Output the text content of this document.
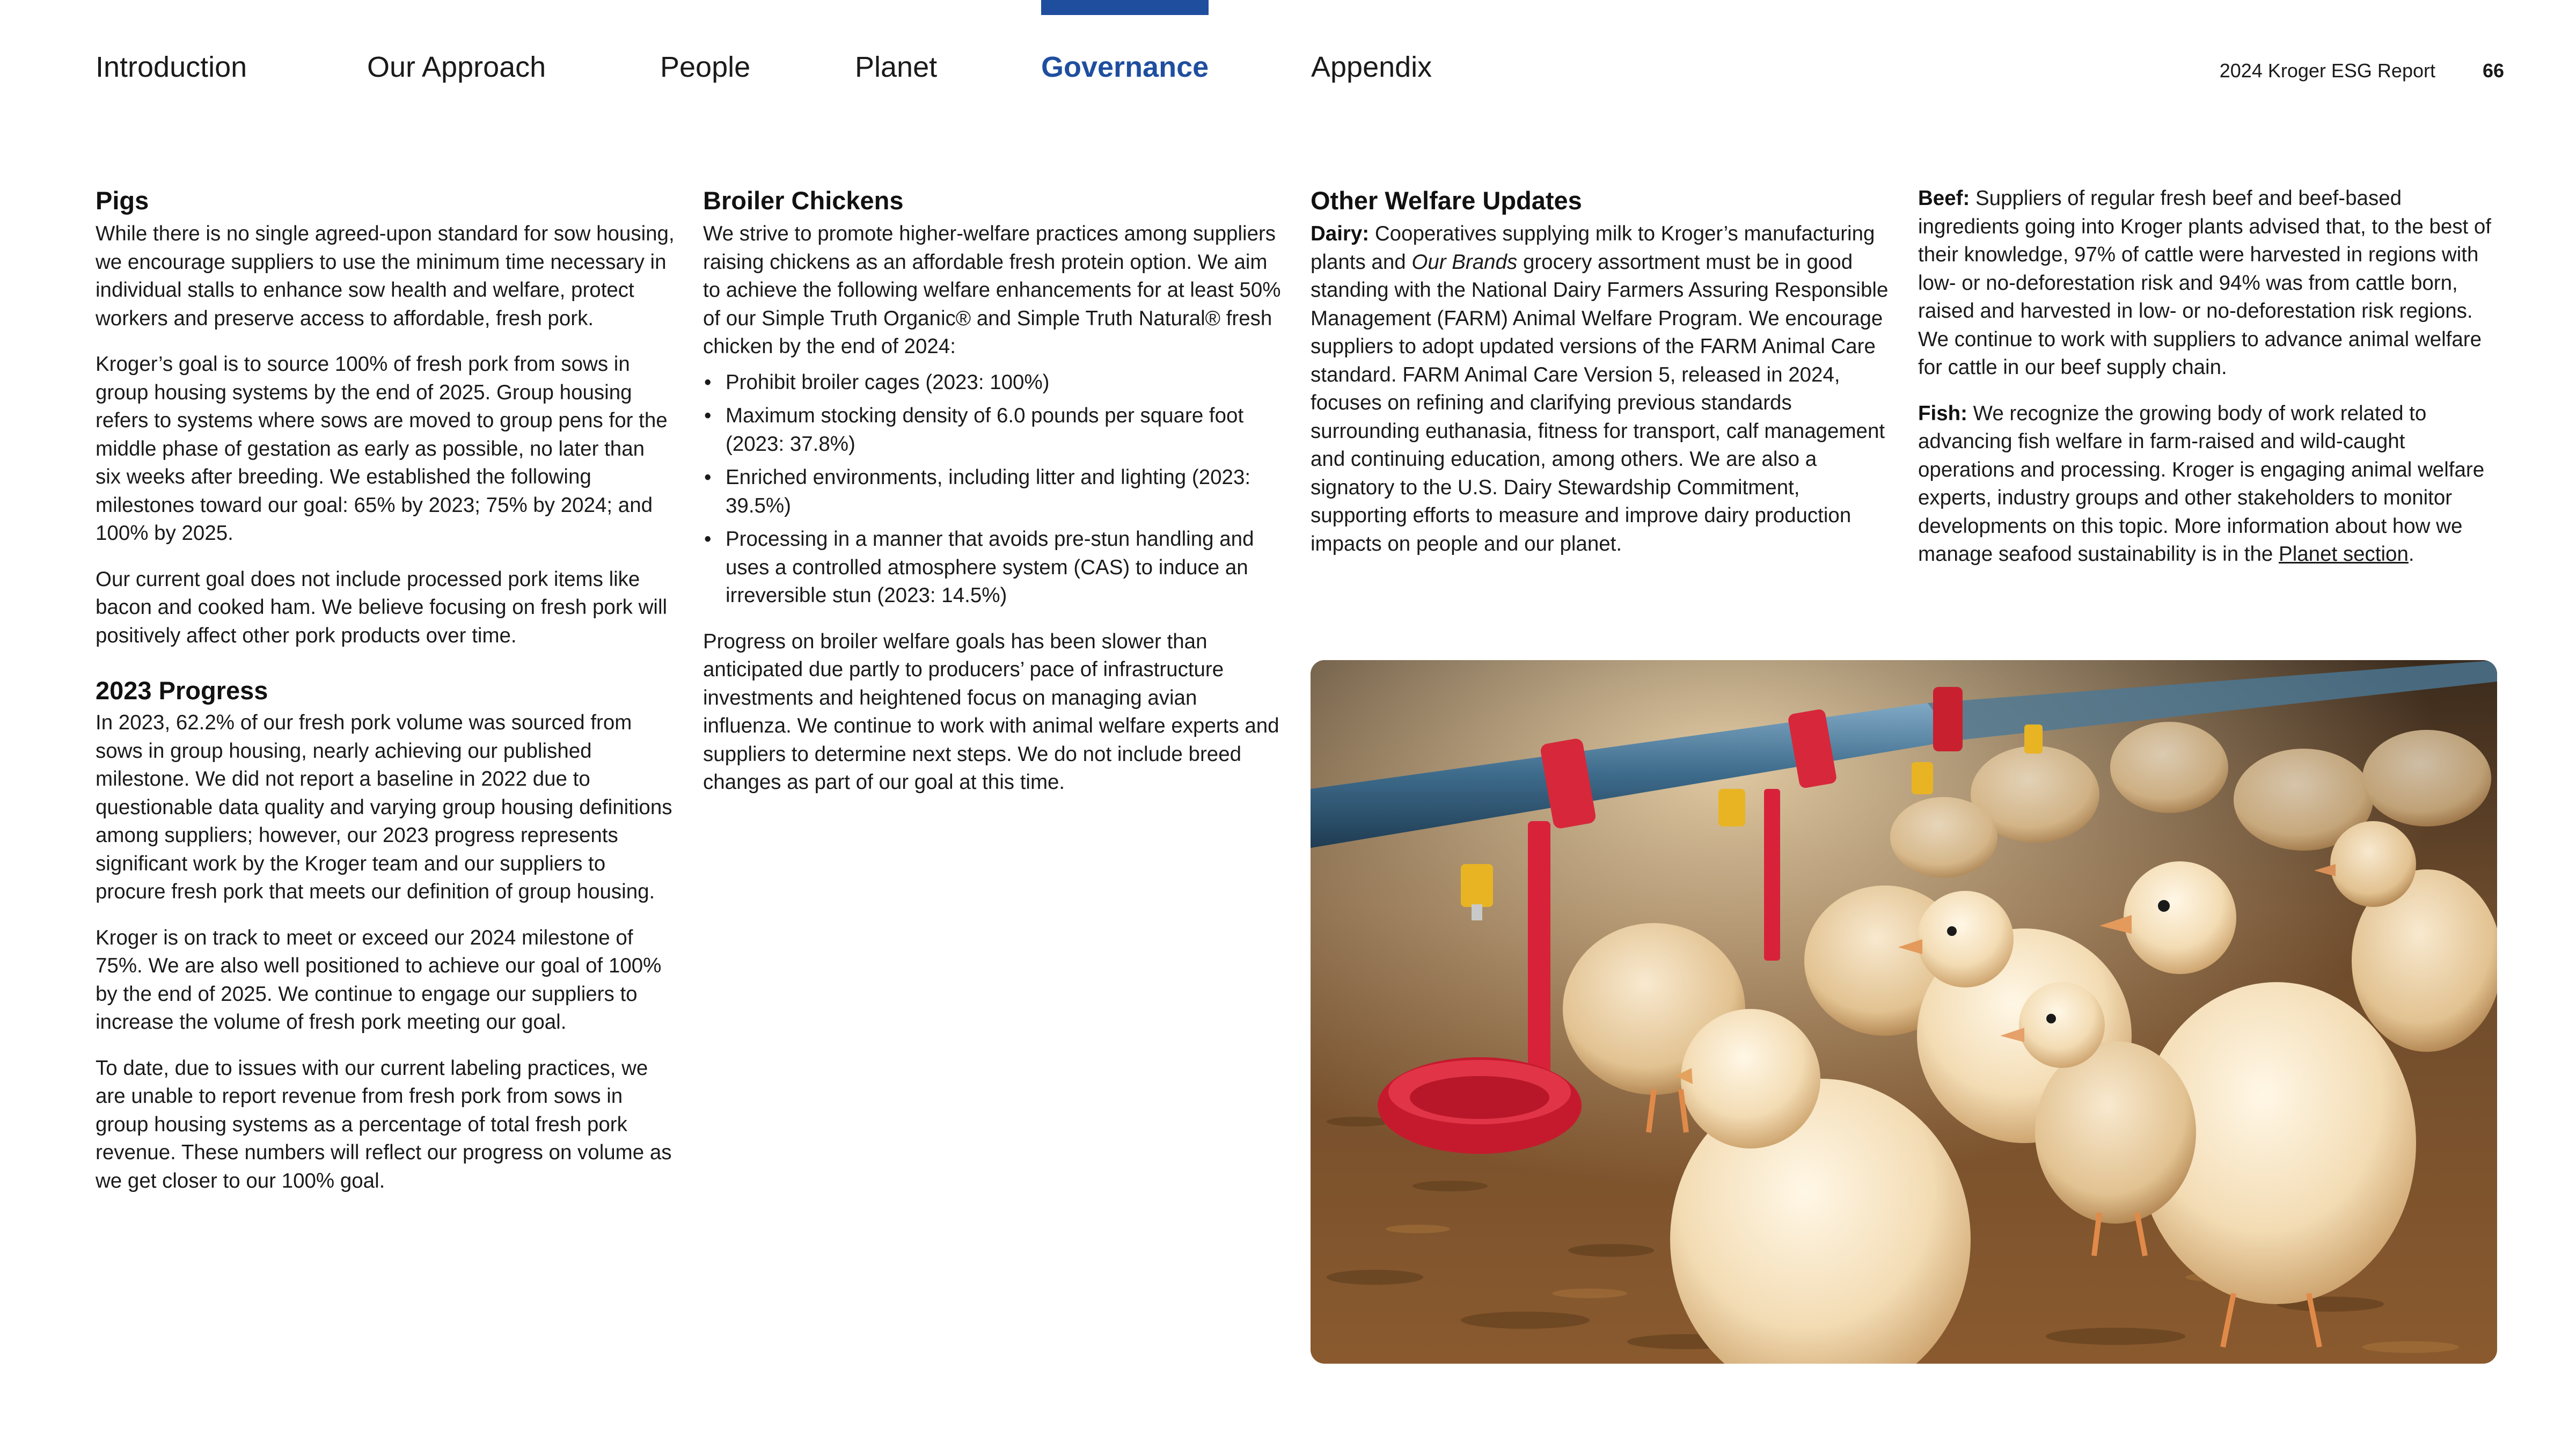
Introduction	Our Approach	People	Planet	Governance	Appendix	2024 Kroger ESG Report 66
Pigs

While there is no single agreed-upon standard for sow housing, we encourage suppliers to use the minimum time necessary in individual stalls to enhance sow health and welfare, protect workers and preserve access to affordable, fresh pork.

Kroger’s goal is to source 100% of fresh pork from sows in group housing systems by the end of 2025. Group housing refers to systems where sows are moved to group pens for the middle phase of gestation as early as possible, no later than six weeks after breeding. We established the following milestones toward our goal: 65% by 2023; 75% by 2024; and 100% by 2025.

Our current goal does not include processed pork items like bacon and cooked ham. We believe focusing on fresh pork will positively affect other pork products over time.

2023 Progress

In 2023, 62.2% of our fresh pork volume was sourced from sows in group housing, nearly achieving our published milestone. We did not report a baseline in 2022 due to questionable data quality and varying group housing definitions among suppliers; however, our 2023 progress represents significant work by the Kroger team and our suppliers to procure fresh pork that meets our definition of group housing.

Kroger is on track to meet or exceed our 2024 milestone of 75%. We are also well positioned to achieve our goal of 100% by the end of 2025. We continue to engage our suppliers to increase the volume of fresh pork meeting our goal.

To date, due to issues with our current labeling practices, we are unable to report revenue from fresh pork from sows in group housing systems as a percentage of total fresh pork revenue. These numbers will reflect our progress on volume as we get closer to our 100% goal.

Broiler Chickens

We strive to promote higher-welfare practices among suppliers raising chickens as an affordable fresh protein option. We aim to achieve the following welfare enhancements for at least 50% of our Simple Truth Organic® and Simple Truth Natural® fresh chicken by the end of 2024:

• Prohibit broiler cages (2023: 100%)
• Maximum stocking density of 6.0 pounds per square foot (2023: 37.8%)
• Enriched environments, including litter and lighting (2023: 39.5%)
• Processing in a manner that avoids pre-stun handling and uses a controlled atmosphere system (CAS) to induce an irreversible stun (2023: 14.5%)

Progress on broiler welfare goals has been slower than anticipated due partly to producers’ pace of infrastructure investments and heightened focus on managing avian influenza. We continue to work with animal welfare experts and suppliers to determine next steps. We do not include breed changes as part of our goal at this time.

Other Welfare Updates

Dairy: Cooperatives supplying milk to Kroger’s manufacturing plants and Our Brands grocery assortment must be in good standing with the National Dairy Farmers Assuring Responsible Management (FARM) Animal Welfare Program. We encourage suppliers to adopt updated versions of the FARM Animal Care standard. FARM Animal Care Version 5, released in 2024, focuses on refining and clarifying previous standards surrounding euthanasia, fitness for transport, calf management and continuing education, among others. We are also a signatory to the U.S. Dairy Stewardship Commitment, supporting efforts to measure and improve dairy production impacts on people and our planet.

Beef: Suppliers of regular fresh beef and beef-based ingredients going into Kroger plants advised that, to the best of their knowledge, 97% of cattle were harvested in regions with low- or no-deforestation risk and 94% was from cattle born, raised and harvested in low- or no-deforestation risk regions. We continue to work with suppliers to advance animal welfare for cattle in our beef supply chain.

Fish: We recognize the growing body of work related to advancing fish welfare in farm-raised and wild-caught operations and processing. Kroger is engaging animal welfare experts, industry groups and other stakeholders to monitor developments on this topic. More information about how we manage seafood sustainability is in the Planet section.
